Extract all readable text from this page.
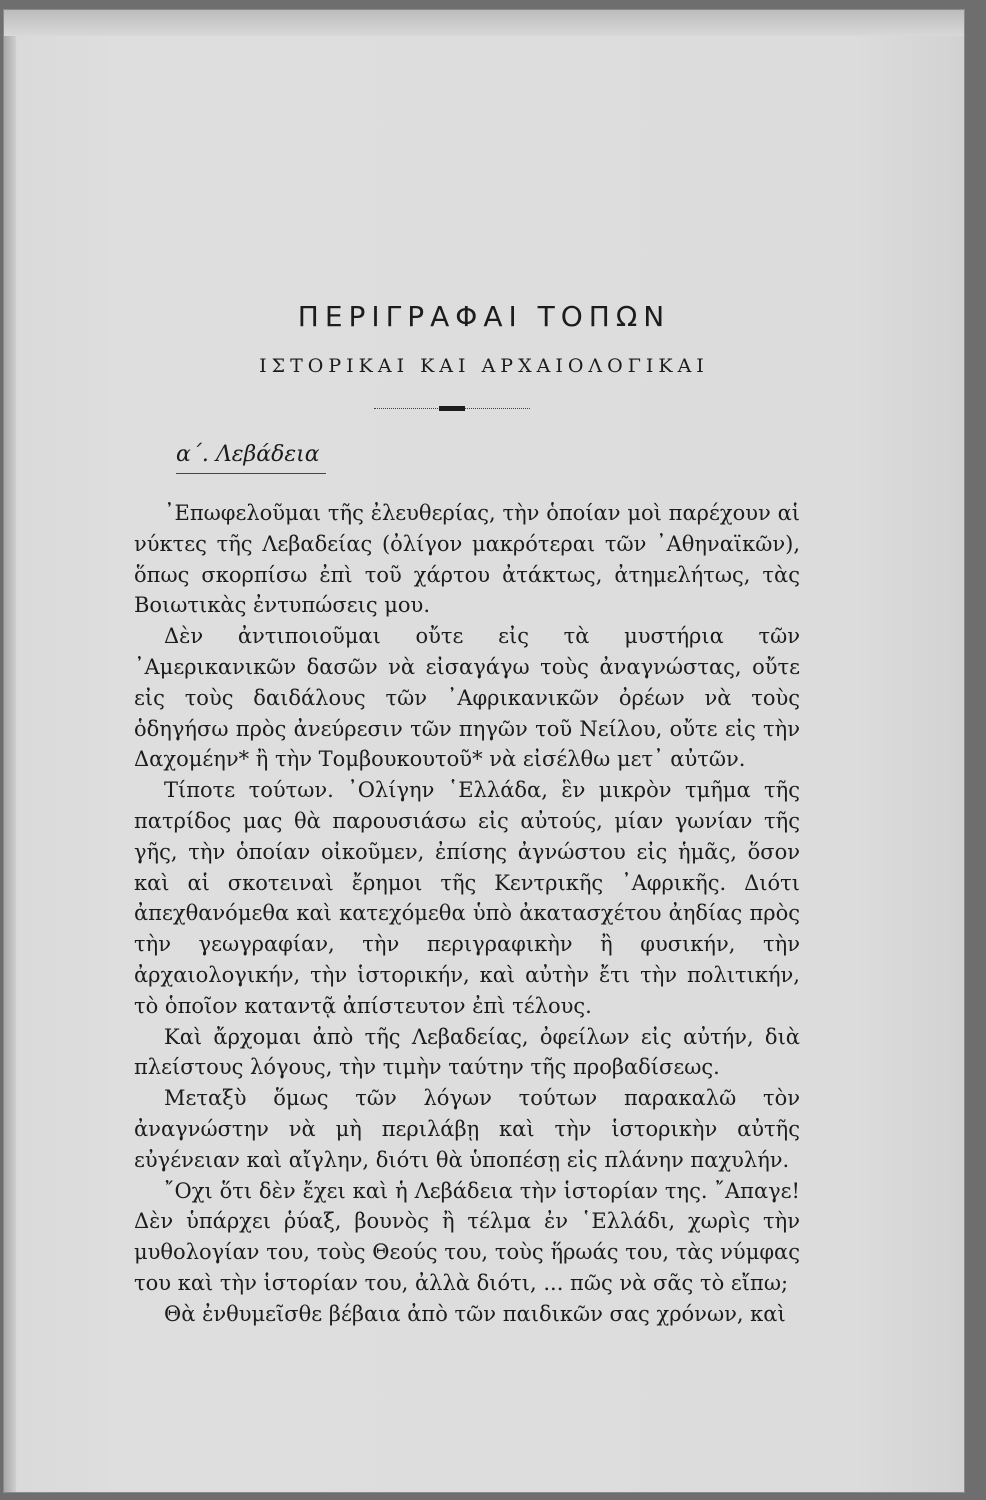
ΠΕΡΙΓΡΑΦΑΙ ΤΟΠΩΝ
ΙΣΤΟΡΙΚΑΙ ΚΑΙ ΑΡΧΑΙΟΛΟΓΙΚΑΙ
α΄. Λεβάδεια

᾿Επωφελοῦμαι τῆς ἐλευθερίας, τὴν ὁποίαν μοὶ παρέχουν αἱ νύκτες τῆς Λεβαδείας (ὀλίγον μακρότεραι τῶν ᾿Αθηναϊκῶν), ὅπως σκορπίσω ἐπὶ τοῦ χάρτου ἀτάκτως, ἀτημελήτως, τὰς Βοιωτικὰς ἐντυπώσεις μου.

Δὲν ἀντιποιοῦμαι οὔτε εἰς τὰ μυστήρια τῶν ᾿Αμερικανικῶν δασῶν νὰ εἰσαγάγω τοὺς ἀναγνώστας, οὔτε εἰς τοὺς δαιδάλους τῶν ᾿Αφρικανικῶν ὀρέων νὰ τοὺς ὁδηγήσω πρὸς ἀνεύρεσιν τῶν πηγῶν τοῦ Νείλου, οὔτε εἰς τὴν Δαχομέην* ἢ τὴν Τομβουκουτοῦ* νὰ εἰσέλθω μετ᾿ αὐτῶν.

Τίποτε τούτων. ᾿Ολίγην ῾Ελλάδα, ἓν μικρὸν τμῆμα τῆς πατρίδος μας θὰ παρουσιάσω εἰς αὐτούς, μίαν γωνίαν τῆς γῆς, τὴν ὁποίαν οἰκοῦμεν, ἐπίσης ἀγνώστου εἰς ἡμᾶς, ὅσον καὶ αἱ σκοτειναὶ ἔρημοι τῆς Κεντρικῆς ᾿Αφρικῆς. Διότι ἀπεχθανόμεθα καὶ κατεχόμεθα ὑπὸ ἀκατασχέτου ἀηδίας πρὸς τὴν γεωγραφίαν, τὴν περιγραφικὴν ἢ φυσικήν, τὴν ἀρχαιολογικήν, τὴν ἱστορικήν, καὶ αὐτὴν ἔτι τὴν πολιτικήν, τὸ ὁποῖον καταντᾷ ἀπίστευτον ἐπὶ τέλους.

Καὶ ἄρχομαι ἀπὸ τῆς Λεβαδείας, ὀφείλων εἰς αὐτήν, διὰ πλείστους λόγους, τὴν τιμὴν ταύτην τῆς προβαδίσεως.

Μεταξὺ ὅμως τῶν λόγων τούτων παρακαλῶ τὸν ἀναγνώστην νὰ μὴ περιλάβῃ καὶ τὴν ἱστορικὴν αὐτῆς εὐγένειαν καὶ αἴγλην, διότι θὰ ὑποπέσῃ εἰς πλάνην παχυλήν.

῎Οχι ὅτι δὲν ἔχει καὶ ἡ Λεβάδεια τὴν ἱστορίαν της. ῎Απαγε! Δὲν ὑπάρχει ῥύαξ, βουνὸς ἢ τέλμα ἐν ῾Ελλάδι, χωρὶς τὴν μυθολογίαν του, τοὺς Θεούς του, τοὺς ἥρωάς του, τὰς νύμφας του καὶ τὴν ἱστορίαν του, ἀλλὰ διότι, ... πῶς νὰ σᾶς τὸ εἴπω;

Θὰ ἐνθυμεῖσθε βέβαια ἀπὸ τῶν παιδικῶν σας χρόνων, καὶ
